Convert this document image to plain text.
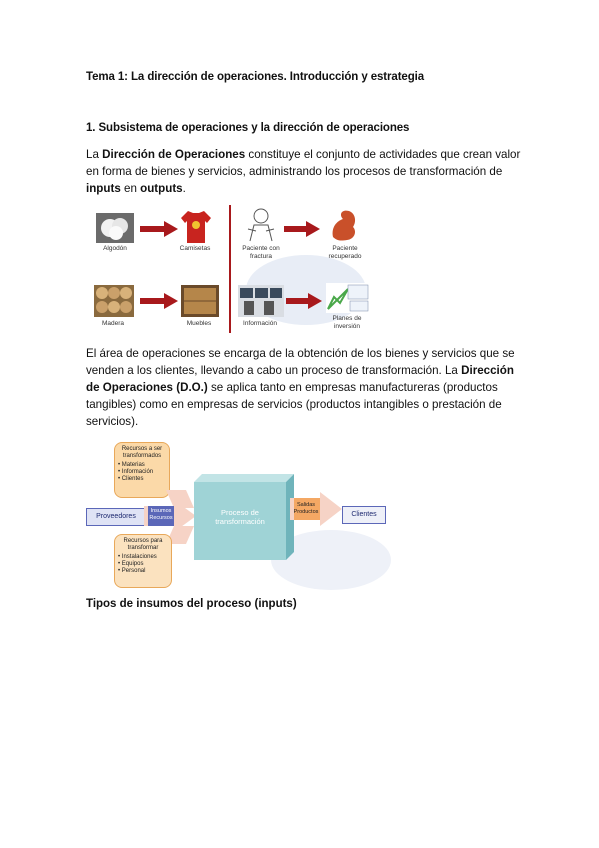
Tema 1: La dirección de operaciones. Introducción y estrategia
1. Subsistema de operaciones y la dirección de operaciones
La Dirección de Operaciones constituye el conjunto de actividades que crean valor en forma de bienes y servicios, administrando los procesos de transformación de inputs en outputs.
Algodón	Camisetas	Paciente con fractura
Paciente recuperado
Madera	Muebles	Información
Planes de inversión
El área de operaciones se encarga de la obtención de los bienes y servicios que se venden a los clientes, llevando a cabo un proceso de transformación. La Dirección de Operaciones (D.O.) se aplica tanto en empresas manufactureras (productos tangibles) como en empresas de servicios (productos intangibles o prestación de servicios).
Recursos a ser transformados
• Materias
• Información
• Clientes
Proveedores
Insumos Recursos
Proceso de transformación
Salidas Productos	Clientes
Recursos para transformar
• Instalaciones
• Equipos
• Personal
Tipos de insumos del proceso (inputs)
